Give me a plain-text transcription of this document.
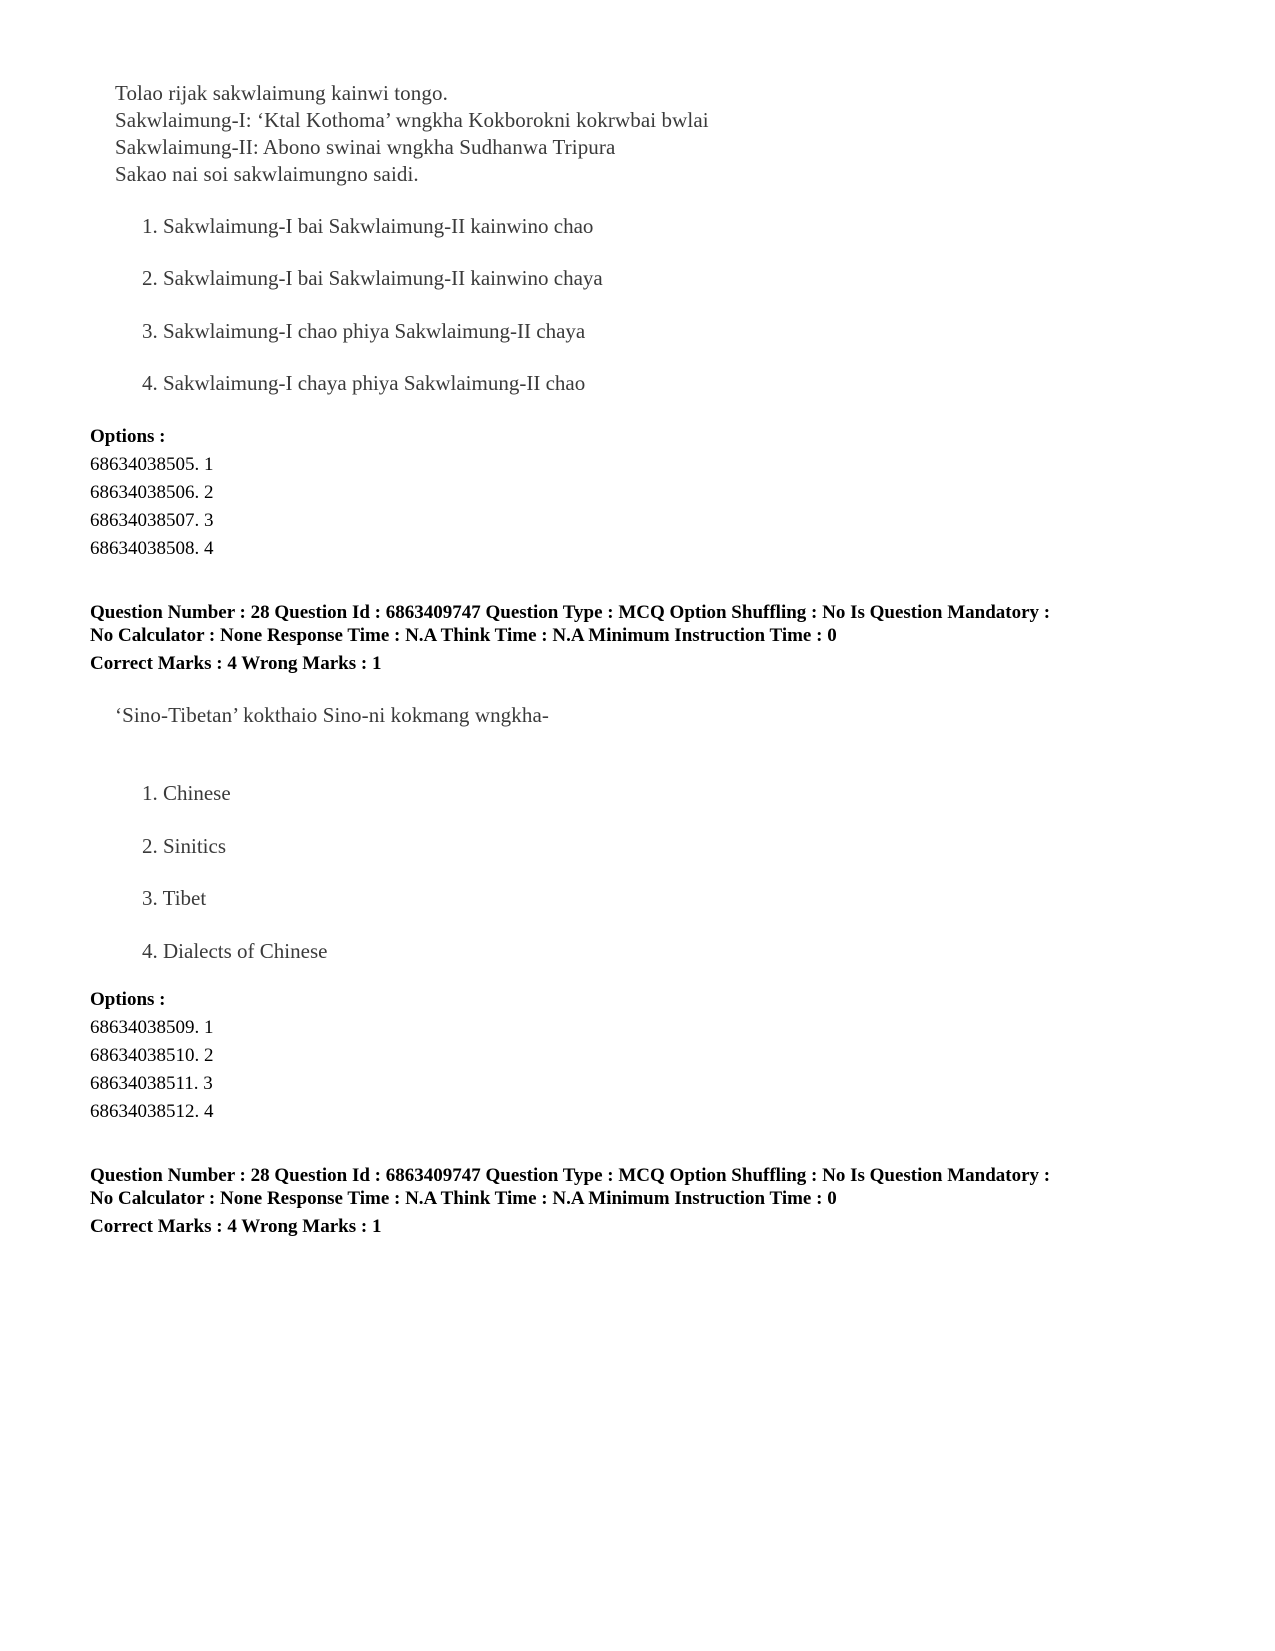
Tolao rijak sakwlaimung kainwi tongo.
Sakwlaimung-I: ‘Ktal Kothoma’ wngkha Kokborokni kokrwbai bwlai
Sakwlaimung-II: Abono swinai wngkha Sudhanwa Tripura
Sakao nai soi sakwlaimungno saidi.
1. Sakwlaimung-I bai Sakwlaimung-II kainwino chao
2. Sakwlaimung-I bai Sakwlaimung-II kainwino chaya
3. Sakwlaimung-I chao phiya Sakwlaimung-II chaya
4. Sakwlaimung-I chaya phiya Sakwlaimung-II chao
Options :
68634038505. 1
68634038506. 2
68634038507. 3
68634038508. 4
Question Number : 28 Question Id : 6863409747 Question Type : MCQ Option Shuffling : No Is Question Mandatory :
No Calculator : None Response Time : N.A Think Time : N.A Minimum Instruction Time : 0
Correct Marks : 4 Wrong Marks : 1
‘Sino-Tibetan’ kokthaio Sino-ni kokmang wngkha-
1. Chinese
2. Sinitics
3. Tibet
4. Dialects of Chinese
Options :
68634038509. 1
68634038510. 2
68634038511. 3
68634038512. 4
Question Number : 28 Question Id : 6863409747 Question Type : MCQ Option Shuffling : No Is Question Mandatory :
No Calculator : None Response Time : N.A Think Time : N.A Minimum Instruction Time : 0
Correct Marks : 4 Wrong Marks : 1
